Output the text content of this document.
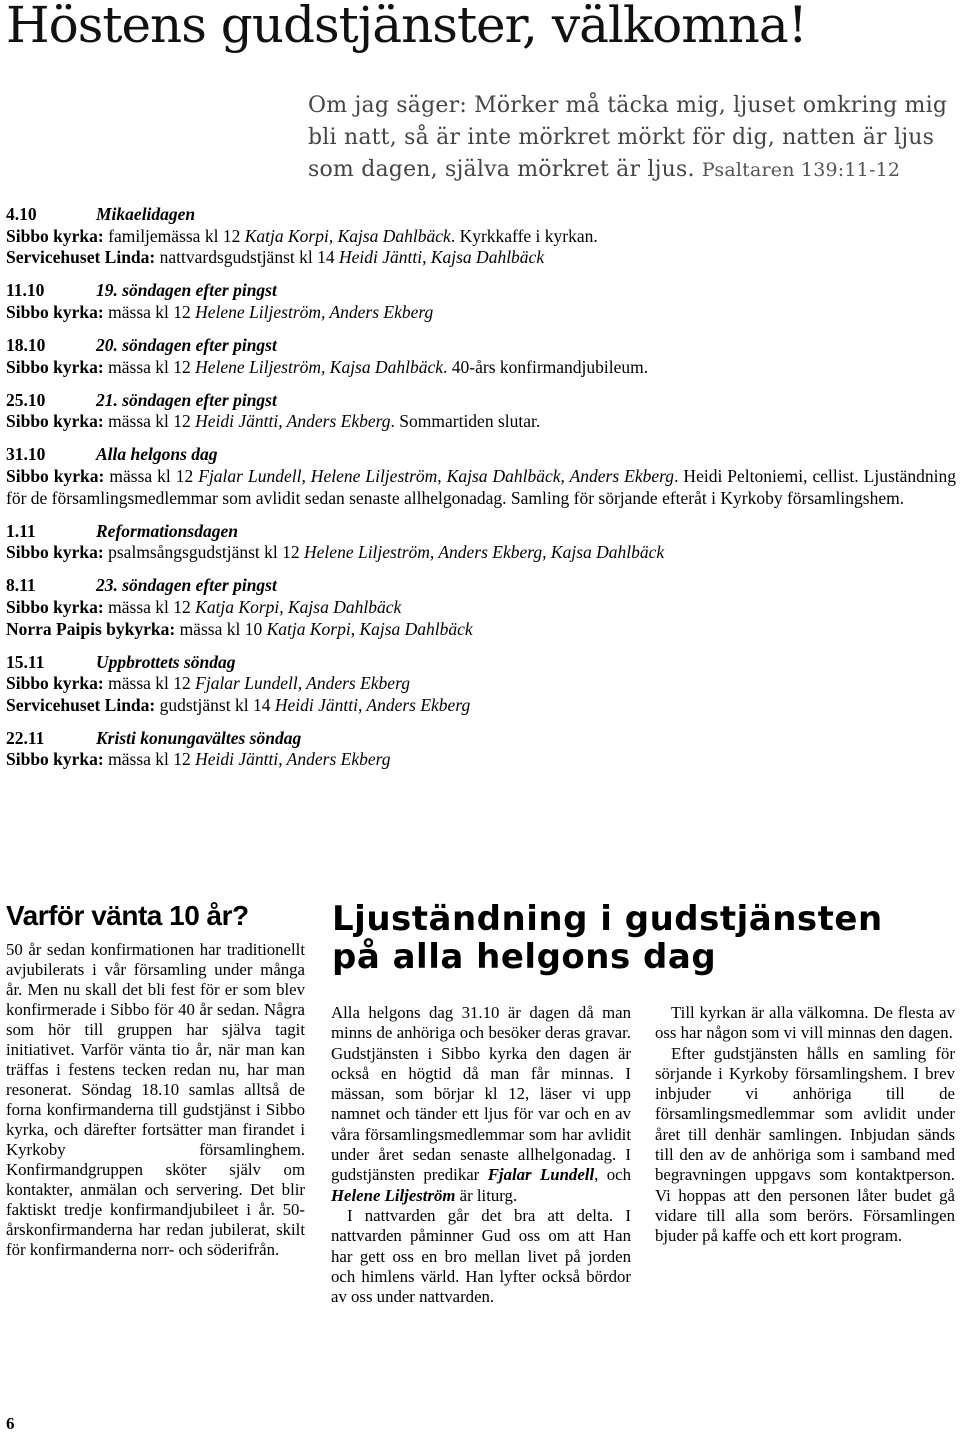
Höstens gudstjänster, välkomna!
Om jag säger: Mörker må täcka mig, ljuset omkring mig bli natt, så är inte mörkret mörkt för dig, natten är ljus som dagen, själva mörkret är ljus. Psaltaren 139:11-12
4.10	Mikaelidagen
Sibbo kyrka: familjemässa kl 12 Katja Korpi, Kajsa Dahlbäck. Kyrkkaffe i kyrkan.
Servicehuset Linda: nattvardsgudstjänst kl 14 Heidi Jäntti, Kajsa Dahlbäck
11.10	19. söndagen efter pingst
Sibbo kyrka: mässa kl 12 Helene Liljeström, Anders Ekberg
18.10	20. söndagen efter pingst
Sibbo kyrka: mässa kl 12 Helene Liljeström, Kajsa Dahlbäck. 40-års konfirmandjubileum.
25.10	21. söndagen efter pingst
Sibbo kyrka: mässa kl 12 Heidi Jäntti, Anders Ekberg. Sommartiden slutar.
31.10	Alla helgons dag
Sibbo kyrka: mässa kl 12 Fjalar Lundell, Helene Liljeström, Kajsa Dahlbäck, Anders Ekberg. Heidi Peltoniemi, cellist. Ljuständning för de församlingsmedlemmar som avlidit sedan senaste allhelgonadag. Samling för sörjande efteråt i Kyrkoby församlingshem.
1.11	Reformationsdagen
Sibbo kyrka: psalmsångsgudstjänst kl 12 Helene Liljeström, Anders Ekberg, Kajsa Dahlbäck
8.11	23. söndagen efter pingst
Sibbo kyrka: mässa kl 12 Katja Korpi, Kajsa Dahlbäck
Norra Paipis bykyrka: mässa kl 10 Katja Korpi, Kajsa Dahlbäck
15.11	Uppbrottets söndag
Sibbo kyrka: mässa kl 12 Fjalar Lundell, Anders Ekberg
Servicehuset Linda: gudstjänst kl 14 Heidi Jäntti, Anders Ekberg
22.11	Kristi konungavältes söndag
Sibbo kyrka: mässa kl 12 Heidi Jäntti, Anders Ekberg
Varför vänta 10 år?

50 år sedan konfirmationen har traditionellt avjubilerats i vår församling under många år. Men nu skall det bli fest för er som blev konfirmerade i Sibbo för 40 år sedan. Några som hör till gruppen har själva tagit initiativet. Varför vänta tio år, när man kan träffas i festens tecken redan nu, har man resonerat. Söndag 18.10 samlas alltså de forna konfirmanderna till gudstjänst i Sibbo kyrka, och därefter fortsätter man firandet i Kyrkoby församlinghem. Konfirmandgruppen sköter själv om kontakter, anmälan och servering. Det blir faktiskt tredje konfirmandjubileet i år. 50-årskonfirmanderna har redan jubilerat, skilt för konfirmanderna norr- och söderifrån.

Ljuständning i gudstjänsten
på alla helgons dag

Alla helgons dag 31.10 är dagen då man minns de anhöriga och besöker deras gravar. Gudstjänsten i Sibbo kyrka den dagen är också en högtid då man får minnas. I mässan, som börjar kl 12, läser vi upp namnet och tänder ett ljus för var och en av våra församlingsmedlemmar som har avlidit under året sedan senaste allhelgonadag. I gudstjänsten predikar Fjalar Lundell, och Helene Liljeström är liturg.

I nattvarden går det bra att delta. I nattvarden påminner Gud oss om att Han har gett oss en bro mellan livet på jorden och himlens värld. Han lyfter också bördor av oss under nattvarden.

Till kyrkan är alla välkomna. De flesta av oss har någon som vi vill minnas den dagen.

Efter gudstjänsten hålls en samling för sörjande i Kyrkoby församlingshem. I brev inbjuder vi anhöriga till de församlingsmedlemmar som avlidit under året till denhär samlingen. Inbjudan sänds till den av de anhöriga som i samband med begravningen uppgavs som kontaktperson. Vi hoppas att den personen låter budet gå vidare till alla som berörs. Församlingen bjuder på kaffe och ett kort program.

6
